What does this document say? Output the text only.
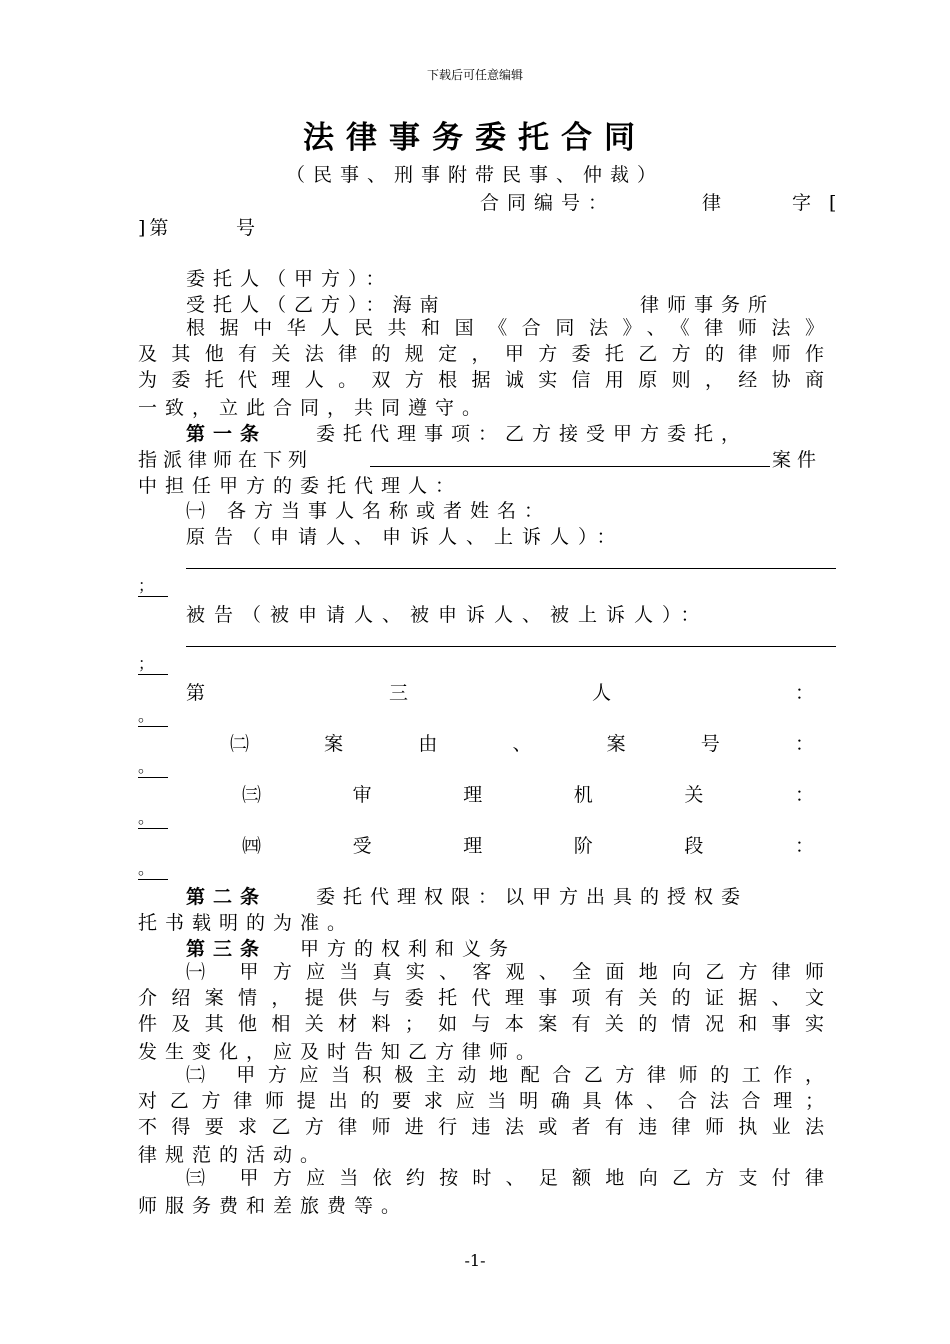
下载后可任意编辑
法律事务委托合同
（民事、刑事附带民事、仲裁）
合同编号：	律	字[
]第	号
委托人（甲方）：
受托人（乙方）：海南	律师事务所
根据中华人民共和国《合同法》、《律师法》
及其他有关法律的规定，甲方委托乙方的律师作
为委托代理人。双方根据诚实信用原则，经协商
一致，立此合同，共同遵守。
第一条	委托代理事项：乙方接受甲方委托，
指派律师在下列	案件
中担任甲方的委托代理人：
㈠ 各方当事人名称或者姓名：
原告（申请人、申诉人、上诉人）：
；
被告（被申请人、被申诉人、被上诉人）：
；
第	三	人	：
。
㈡	案	由	、	案	号	：
。
㈢	审	理	机	关	：
。
㈣	受	理	阶	段	：
。
第二条	委托代理权限：以甲方出具的授权委
托书载明的为准。
第三条 甲方的权利和义务
㈠ 甲方应当真实、客观、全面地向乙方律师
介绍案情，提供与委托代理事项有关的证据、文
件及其他相关材料；如与本案有关的情况和事实
发生变化，应及时告知乙方律师。
㈡ 甲方应当积极主动地配合乙方律师的工作，
对乙方律师提出的要求应当明确具体、合法合理；
不得要求乙方律师进行违法或者有违律师执业法
律规范的活动。
㈢ 甲方应当依约按时、足额地向乙方支付律
师服务费和差旅费等。
-1-
